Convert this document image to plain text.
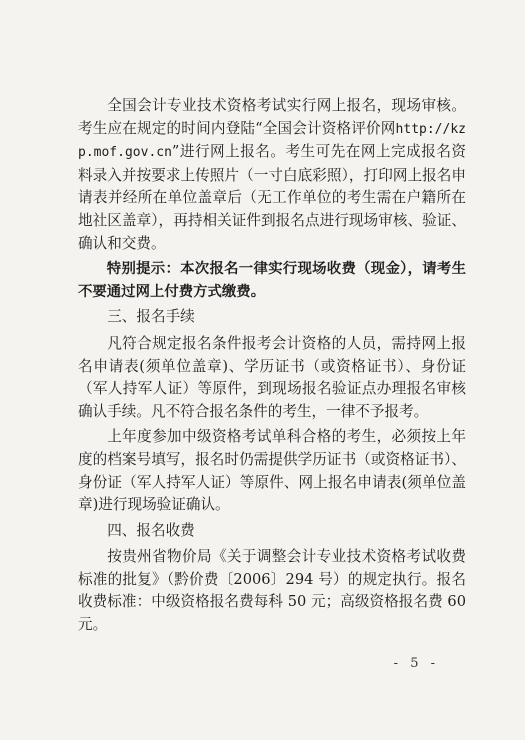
全国会计专业技术资格考试实行网上报名，现场审核。考生应在规定的时间内登陆“全国会计资格评价网http://kzp.mof.gov.cn”进行网上报名。考生可先在网上完成报名资料录入并按要求上传照片（一寸白底彩照），打印网上报名申请表并经所在单位盖章后（无工作单位的考生需在户籍所在地社区盖章），再持相关证件到报名点进行现场审核、验证、确认和交费。

特别提示：本次报名一律实行现场收费（现金），请考生不要通过网上付费方式缴费。

三、报名手续

凡符合规定报名条件报考会计资格的人员，需持网上报名申请表(须单位盖章)、学历证书（或资格证书）、身份证（军人持军人证）等原件，到现场报名验证点办理报名审核确认手续。凡不符合报名条件的考生，一律不予报考。

上年度参加中级资格考试单科合格的考生，必须按上年度的档案号填写，报名时仍需提供学历证书（或资格证书）、身份证（军人持军人证）等原件、网上报名申请表(须单位盖章)进行现场验证确认。

四、报名收费

按贵州省物价局《关于调整会计专业技术资格考试收费标准的批复》（黔价费〔2006〕294 号）的规定执行。报名收费标准：中级资格报名费每科 50 元；高级资格报名费 60 元。

- 5 -
